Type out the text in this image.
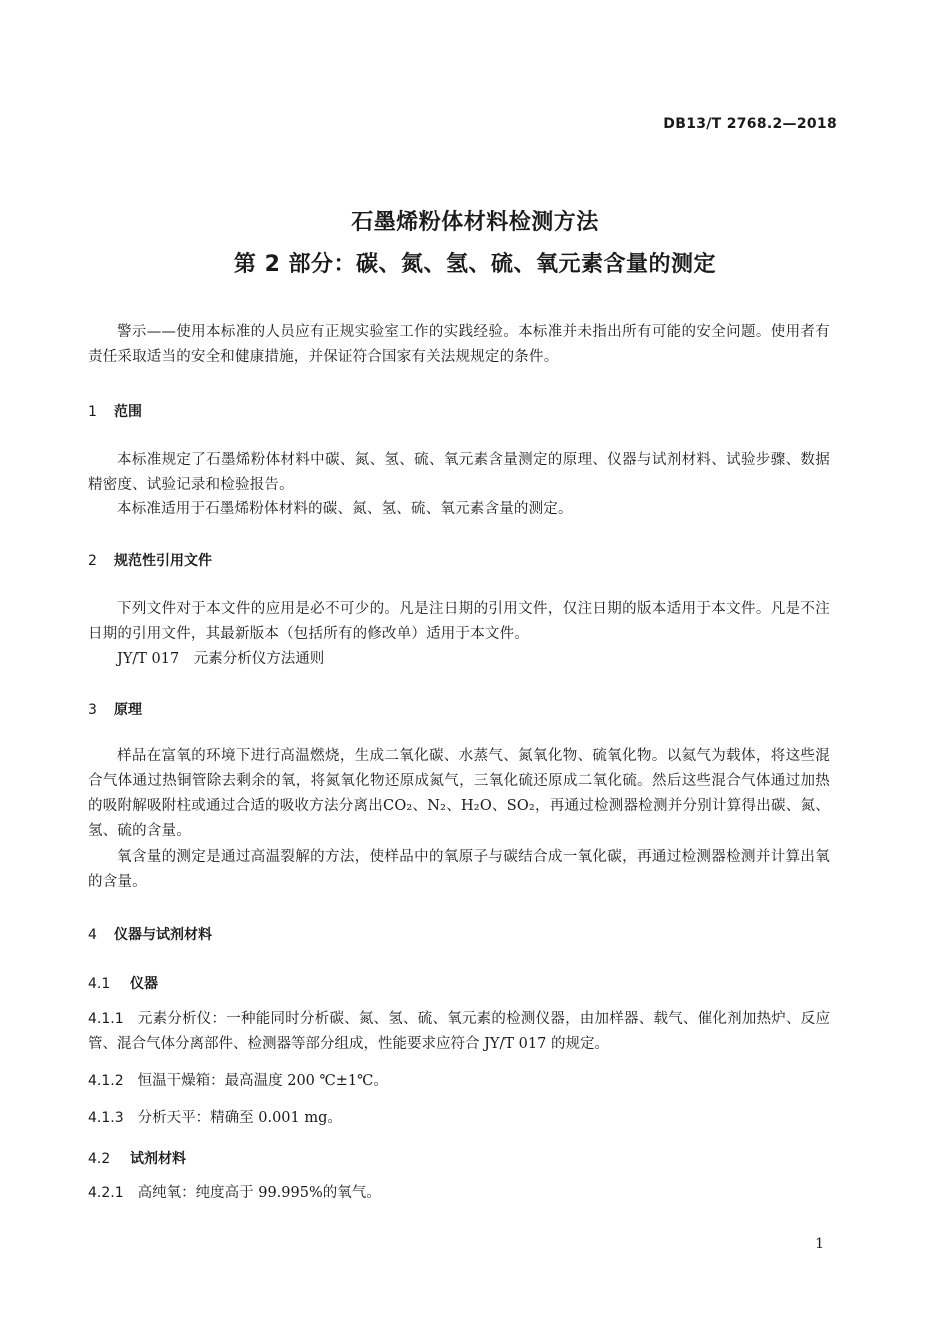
DB13/T 2768.2—2018
石墨烯粉体材料检测方法
第 2 部分：碳、氮、氢、硫、氧元素含量的测定
警示——使用本标准的人员应有正规实验室工作的实践经验。本标准并未指出所有可能的安全问题。使用者有责任采取适当的安全和健康措施，并保证符合国家有关法规规定的条件。
1 范围
本标准规定了石墨烯粉体材料中碳、氮、氢、硫、氧元素含量测定的原理、仪器与试剂材料、试验步骤、数据精密度、试验记录和检验报告。
本标准适用于石墨烯粉体材料的碳、氮、氢、硫、氧元素含量的测定。
2 规范性引用文件
下列文件对于本文件的应用是必不可少的。凡是注日期的引用文件，仅注日期的版本适用于本文件。凡是不注日期的引用文件，其最新版本（包括所有的修改单）适用于本文件。
JY/T 017　元素分析仪方法通则
3 原理
样品在富氧的环境下进行高温燃烧，生成二氧化碳、水蒸气、氮氧化物、硫氧化物。以氦气为载体，将这些混合气体通过热铜管除去剩余的氧，将氮氧化物还原成氮气，三氧化硫还原成二氧化硫。然后这些混合气体通过加热的吸附解吸附柱或通过合适的吸收方法分离出CO₂、N₂、H₂O、SO₂，再通过检测器检测并分别计算得出碳、氮、氢、硫的含量。
氧含量的测定是通过高温裂解的方法，使样品中的氧原子与碳结合成一氧化碳，再通过检测器检测并计算出氧的含量。
4 仪器与试剂材料
4.1 仪器
4.1.1 元素分析仪：一种能同时分析碳、氮、氢、硫、氧元素的检测仪器，由加样器、载气、催化剂加热炉、反应管、混合气体分离部件、检测器等部分组成，性能要求应符合 JY/T 017 的规定。
4.1.2 恒温干燥箱：最高温度 200 ℃±1℃。
4.1.3 分析天平：精确至 0.001 mg。
4.2 试剂材料
4.2.1 高纯氧：纯度高于 99.995%的氧气。
1
